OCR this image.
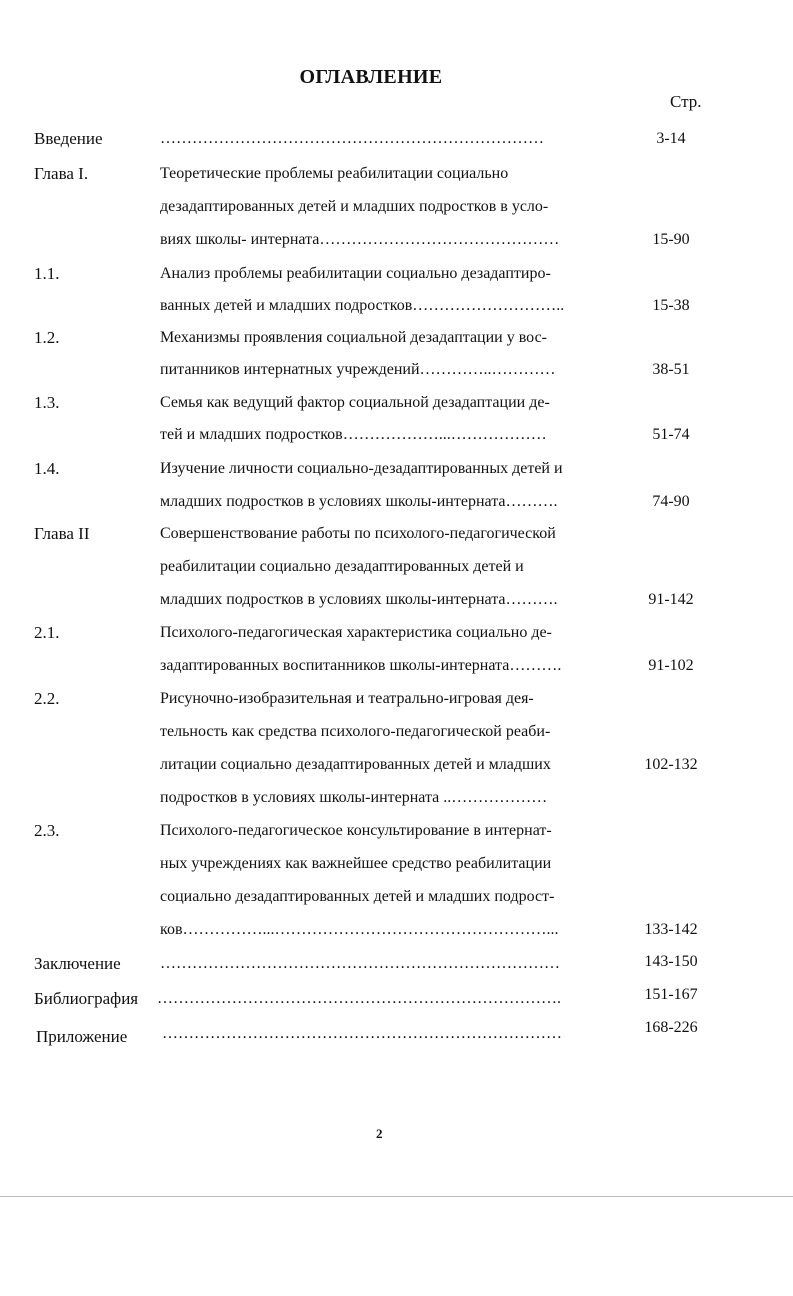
ОГЛАВЛЕНИЕ
Стр.
Введение	………………………………………………………………	3-14
Глава I.	Теоретические проблемы реабилитации социально
дезадаптированных детей и младших подростков в усло-
виях школы- интерната………………………………………	15-90
1.1.	Анализ проблемы реабилитации социально дезадаптиро-
ванных детей и младших подростков………………………..	15-38
1.2.	Механизмы проявления социальной дезадаптации у вос-
питанников интернатных учреждений…………..…………	38-51
1.3.	Семья как ведущий фактор социальной дезадаптации де-
тей и младших подростков………………...………………	51-74
1.4.	Изучение личности социально-дезадаптированных детей и
младших подростков в условиях школы-интерната……….	74-90
Глава II	Совершенствование работы по психолого-педагогической
реабилитации социально дезадаптированных детей и
младших подростков в условиях школы-интерната……….	91-142
2.1.	Психолого-педагогическая характеристика социально де-
задаптированных воспитанников школы-интерната……….	91-102
2.2.	Рисуночно-изобразительная и театрально-игровая дея-
тельность как средства психолого-педагогической реаби-
литации социально дезадаптированных детей и младших	102-132
подростков в условиях школы-интерната ..………………
2.3.	Психолого-педагогическое консультирование в интернат-
ных учреждениях как важнейшее средство реабилитации
социально дезадаптированных детей и младших подрост-
ков……………...……………………………………………...	133-142
Заключение …………………………………………………………………	143-150
Библиография ………………………………………………………………….	151-167
Приложение …………………………………………………………………	168-226
2
